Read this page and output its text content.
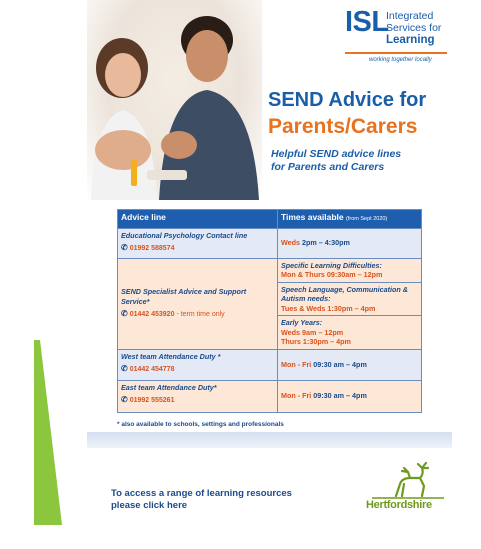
ISL
Integrated
Services for
Learning
working together locally
SEND Advice for
Parents/Carers
Helpful SEND advice lines
for Parents and Carers
Advice line	Times available (from Sept 2020)
Educational Psychology Contact line
✆ 01992 588574
Weds 2pm – 4:30pm
SEND Specialist Advice and Support Service*
✆ 01442 453920 - term time only
Specific Learning Difficulties:
Mon & Thurs 09:30am – 12pm
Speech Language, Communication & Autism needs:
Tues & Weds 1:30pm – 4pm
Early Years:
Weds 9am – 12pm
Thurs 1:30pm – 4pm
West team Attendance Duty *
✆ 01442 454778
Mon - Fri 09:30 am – 4pm
East team Attendance Duty*
✆ 01992 555261
Mon - Fri 09:30 am – 4pm
* also available to schools, settings and professionals
To access a range of learning resources
please click here	Hertfordshire
